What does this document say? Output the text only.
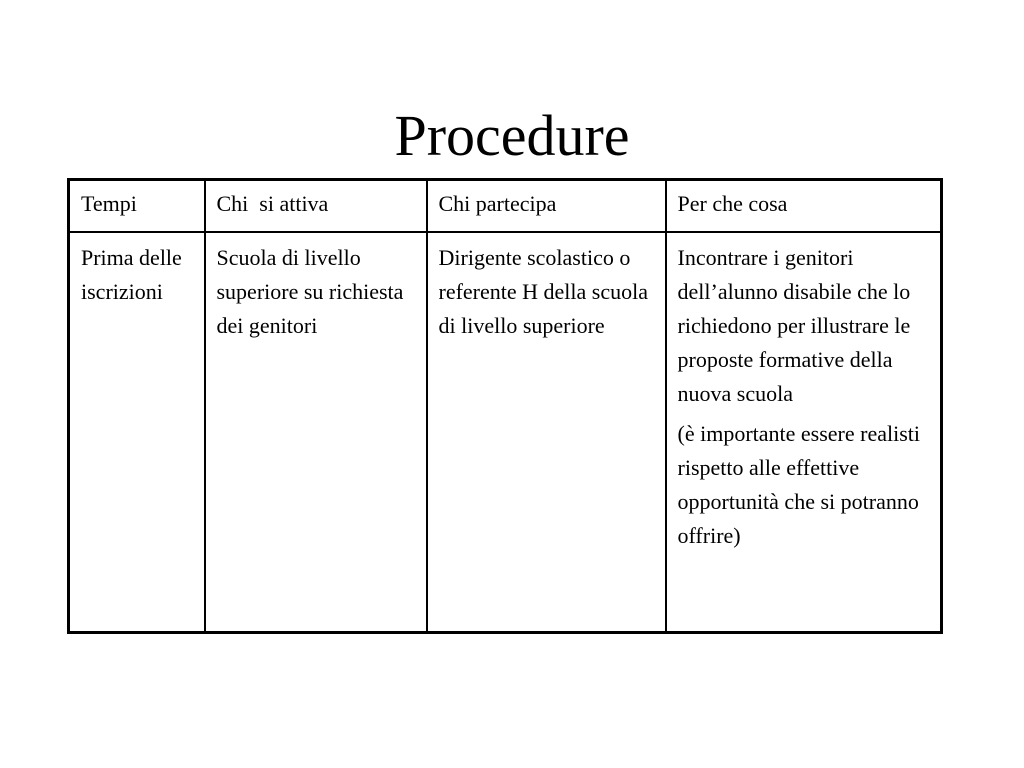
Procedure
Tempi	Chi  si attiva	Chi partecipa	Per che cosa
Prima delle iscrizioni	Scuola di livello superiore su richiesta dei genitori	Dirigente scolastico o referente H della scuola di livello superiore	Incontrare i genitori dell’alunno disabile che lo richiedono per illustrare le proposte formative della nuova scuola
(è importante essere realisti rispetto alle effettive opportunità che si potranno offrire)
